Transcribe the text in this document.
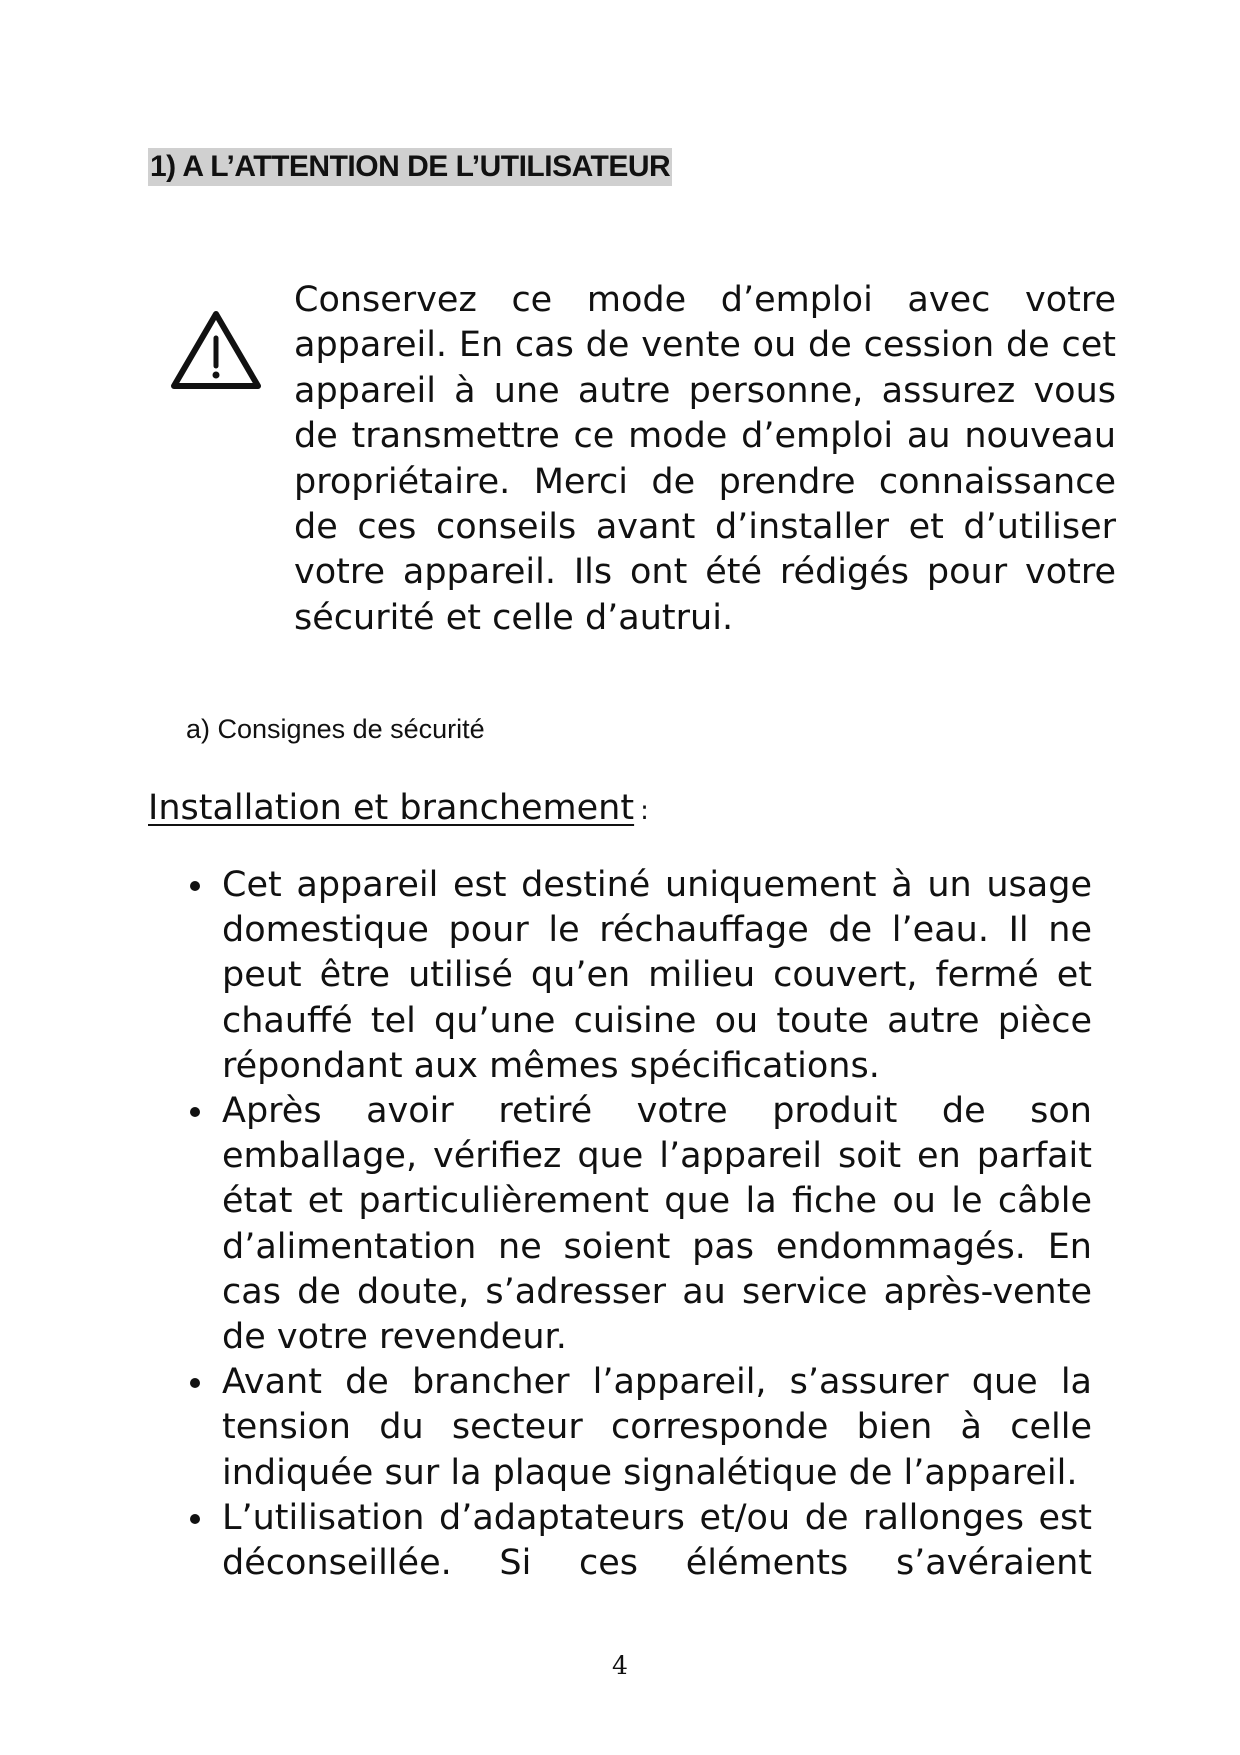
1) A L’ATTENTION DE L’UTILISATEUR
Conservez ce mode d’emploi avec votre appareil. En cas de vente ou de cession de cet appareil à une autre personne, assurez vous de transmettre ce mode d’emploi au nouveau propriétaire. Merci de prendre connaissance de ces conseils avant d’installer et d’utiliser votre appareil. Ils ont été rédigés pour votre sécurité et celle d’autrui.
a) Consignes de sécurité
Installation et branchement :
Cet appareil est destiné uniquement à un usage domestique pour le réchauffage de l’eau. Il ne peut être utilisé qu’en milieu couvert, fermé et chauffé tel qu’une cuisine ou toute autre pièce répondant aux mêmes spécifications.
Après avoir retiré votre produit de son emballage, vérifiez que l’appareil soit en parfait état et particulièrement que la fiche ou le câble d’alimentation ne soient pas endommagés. En cas de doute, s’adresser au service après-vente de votre revendeur.
Avant de brancher l’appareil, s’assurer que la tension du secteur corresponde bien à celle indiquée sur la plaque signalétique de l’appareil.
L’utilisation d’adaptateurs et/ou de rallonges est déconseillée. Si ces éléments s’avéraient
4
